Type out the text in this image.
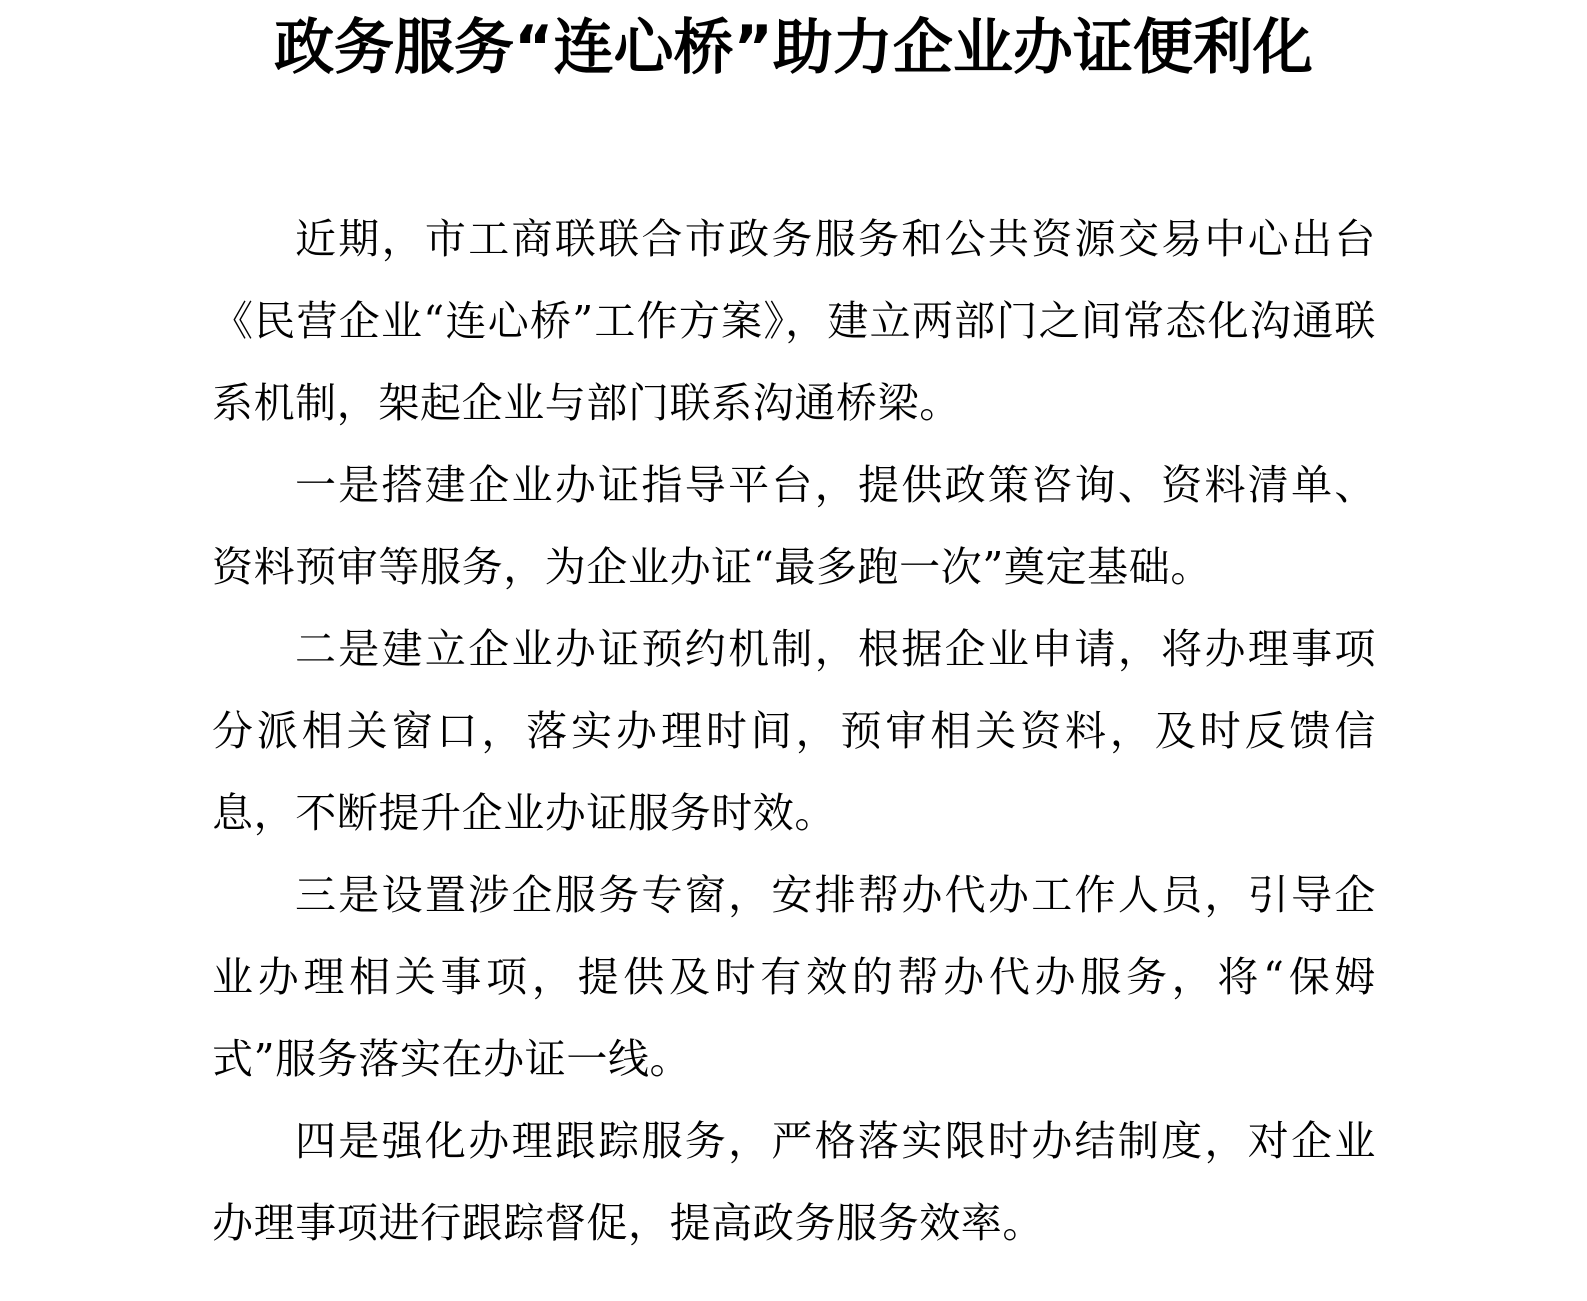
政务服务“连心桥”助力企业办证便利化

近期，市工商联联合市政务服务和公共资源交易中心出台《民营企业“连心桥”工作方案》，建立两部门之间常态化沟通联系机制，架起企业与部门联系沟通桥梁。

一是搭建企业办证指导平台，提供政策咨询、资料清单、资料预审等服务，为企业办证“最多跑一次”奠定基础。

二是建立企业办证预约机制，根据企业申请，将办理事项分派相关窗口，落实办理时间，预审相关资料，及时反馈信息，不断提升企业办证服务时效。

三是设置涉企服务专窗，安排帮办代办工作人员，引导企业办理相关事项，提供及时有效的帮办代办服务，将“保姆式”服务落实在办证一线。

四是强化办理跟踪服务，严格落实限时办结制度，对企业办理事项进行跟踪督促，提高政务服务效率。
